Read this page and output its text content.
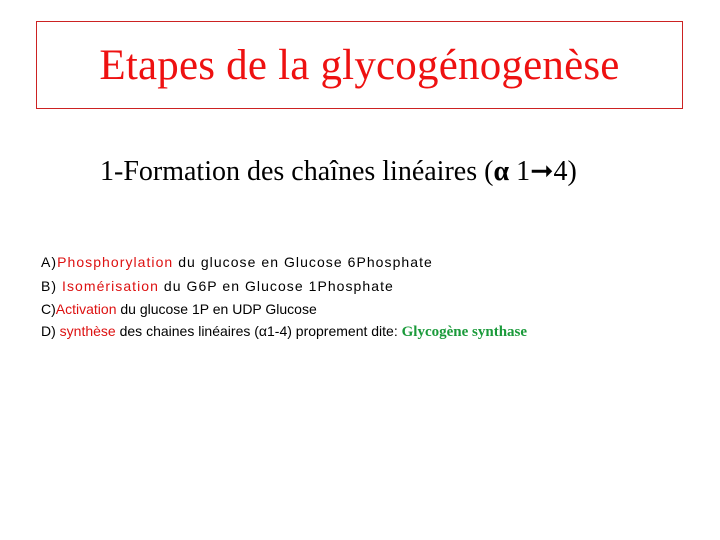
Etapes de la glycogénogenèse
1-Formation des chaînes linéaires (α 1➞4)
A)Phosphorylation du glucose en Glucose 6Phosphate
B) Isomérisation du G6P en Glucose 1Phosphate
C)Activation du glucose 1P en UDP Glucose
D) synthèse des chaines linéaires (α1-4) proprement dite: Glycogène synthase
